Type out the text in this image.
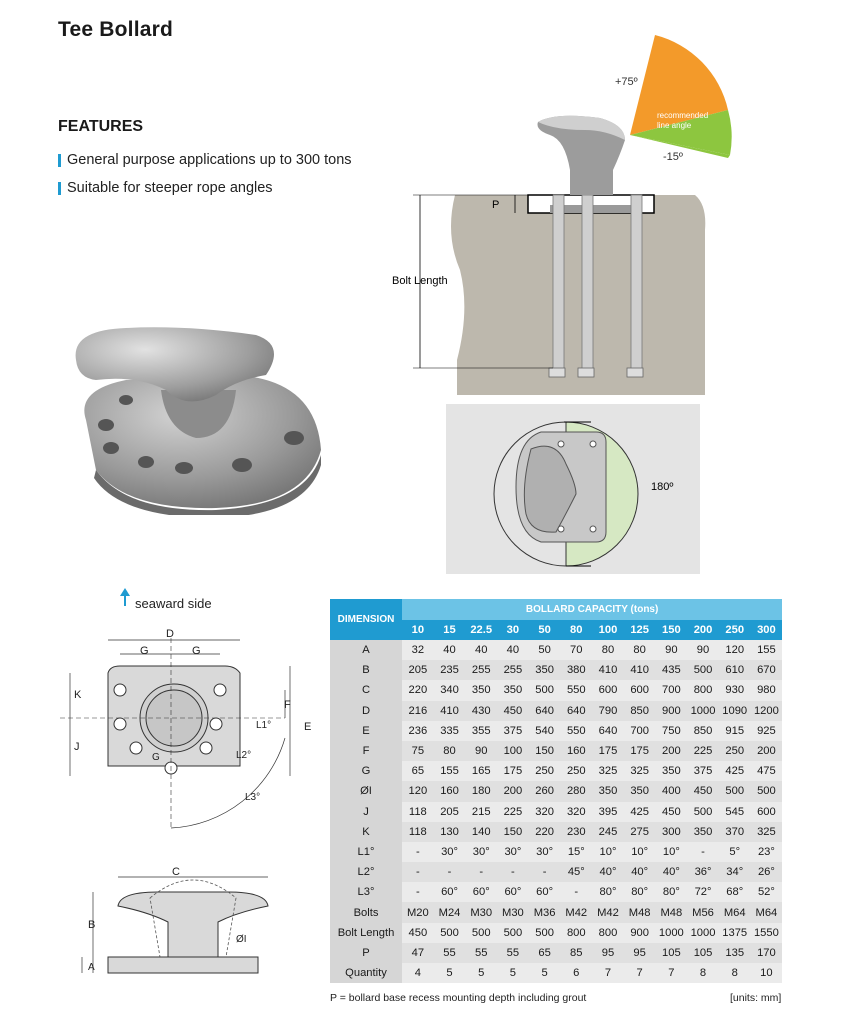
Tee Bollard
FEATURES
General purpose applications up to 300 tons
Suitable for steeper rope angles
+75º
-15º
recommended
line angle
P
Bolt Length
180º
seaward side
D
G	G
K
F
E
J
L1°
L2°
L3°
G
C
B
A
ØI
DIMENSION	BOLLARD CAPACITY (tons)											
	10	15	22.5	30	50	80	100	125	150	200	250	300
A	32	40	40	40	50	70	80	80	90	90	120	155
B	205	235	255	255	350	380	410	410	435	500	610	670
C	220	340	350	350	500	550	600	600	700	800	930	980
D	216	410	430	450	640	640	790	850	900	1000	1090	1200
E	236	335	355	375	540	550	640	700	750	850	915	925
F	75	80	90	100	150	160	175	175	200	225	250	200
G	65	155	165	175	250	250	325	325	350	375	425	475
ØI	120	160	180	200	260	280	350	350	400	450	500	500
J	118	205	215	225	320	320	395	425	450	500	545	600
K	118	130	140	150	220	230	245	275	300	350	370	325
L1°	-	30°	30°	30°	30°	15°	10°	10°	10°	-	5°	23°
L2°	-	-	-	-	-	45°	40°	40°	40°	36°	34°	26°
L3°	-	60°	60°	60°	60°	-	80°	80°	80°	72°	68°	52°
Bolts	M20	M24	M30	M30	M36	M42	M42	M48	M48	M56	M64	M64
Bolt Length	450	500	500	500	500	800	800	900	1000	1000	1375	1550
P	47	55	55	55	65	85	95	95	105	105	135	170
Quantity	4	5	5	5	5	6	7	7	7	8	8	10
P = bollard base recess mounting depth including grout	[units: mm]
